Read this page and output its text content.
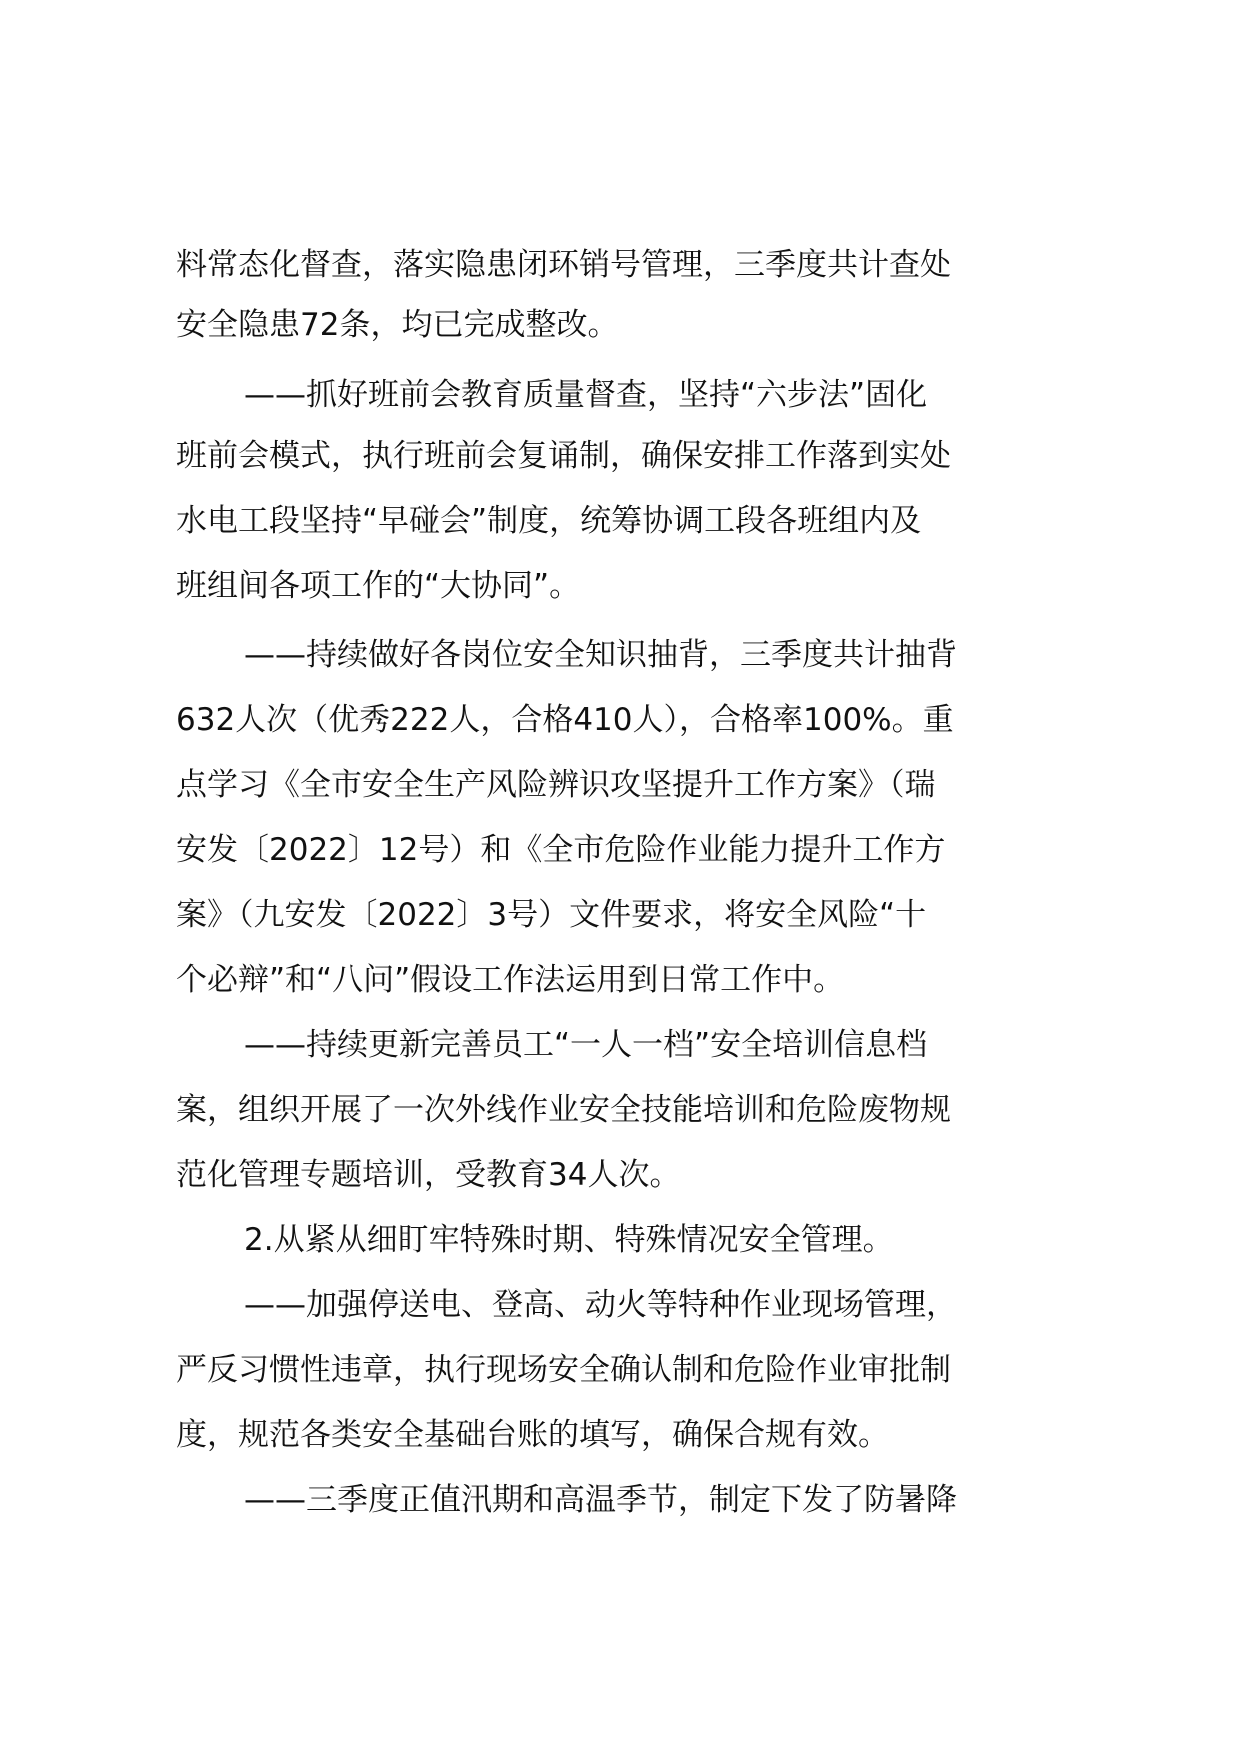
料常态化督查，落实隐患闭环销号管理，三季度共计查处
安全隐患72条，均已完成整改。
——抓好班前会教育质量督查，坚持“六步法”固化
班前会模式，执行班前会复诵制，确保安排工作落到实处
水电工段坚持“早碰会”制度，统筹协调工段各班组内及
班组间各项工作的“大协同”。
——持续做好各岗位安全知识抽背，三季度共计抽背
632人次（优秀222人，合格410人），合格率100%。重
点学习《全市安全生产风险辨识攻坚提升工作方案》（瑞
安发〔2022〕12号）和《全市危险作业能力提升工作方
案》（九安发〔2022〕3号）文件要求，将安全风险“十
个必辩”和“八问”假设工作法运用到日常工作中。
——持续更新完善员工“一人一档”安全培训信息档
案，组织开展了一次外线作业安全技能培训和危险废物规
范化管理专题培训，受教育34人次。
2.从紧从细盯牢特殊时期、特殊情况安全管理。
——加强停送电、登高、动火等特种作业现场管理，
严反习惯性违章，执行现场安全确认制和危险作业审批制
度，规范各类安全基础台账的填写，确保合规有效。
——三季度正值汛期和高温季节，制定下发了防暑降
